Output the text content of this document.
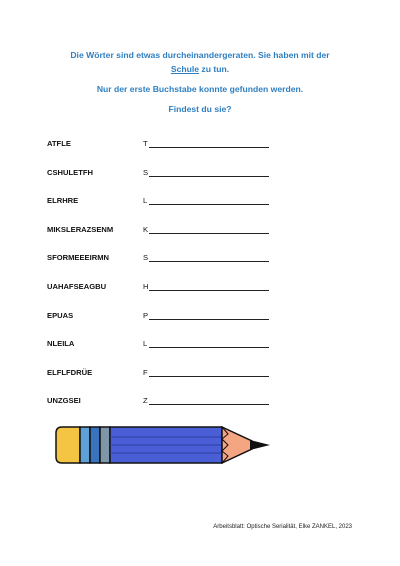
Die Wörter sind etwas durcheinandergeraten. Sie haben mit der
Schule zu tun.

Nur der erste Buchstabe konnte gefunden werden.

Findest du sie?

ATFLE	T
CSHULETFH	S
ELRHRE	L
MIKSLERAZSENM	K
SFORMEEEIRMN	S
UAHAFSEAGBU	H
EPUAS	P
NLEILA	L
ELFLFDRÜE	F
UNZGSEI	Z
Arbeitsblatt: Optische Serialität, Elke ZANKEL, 2023
